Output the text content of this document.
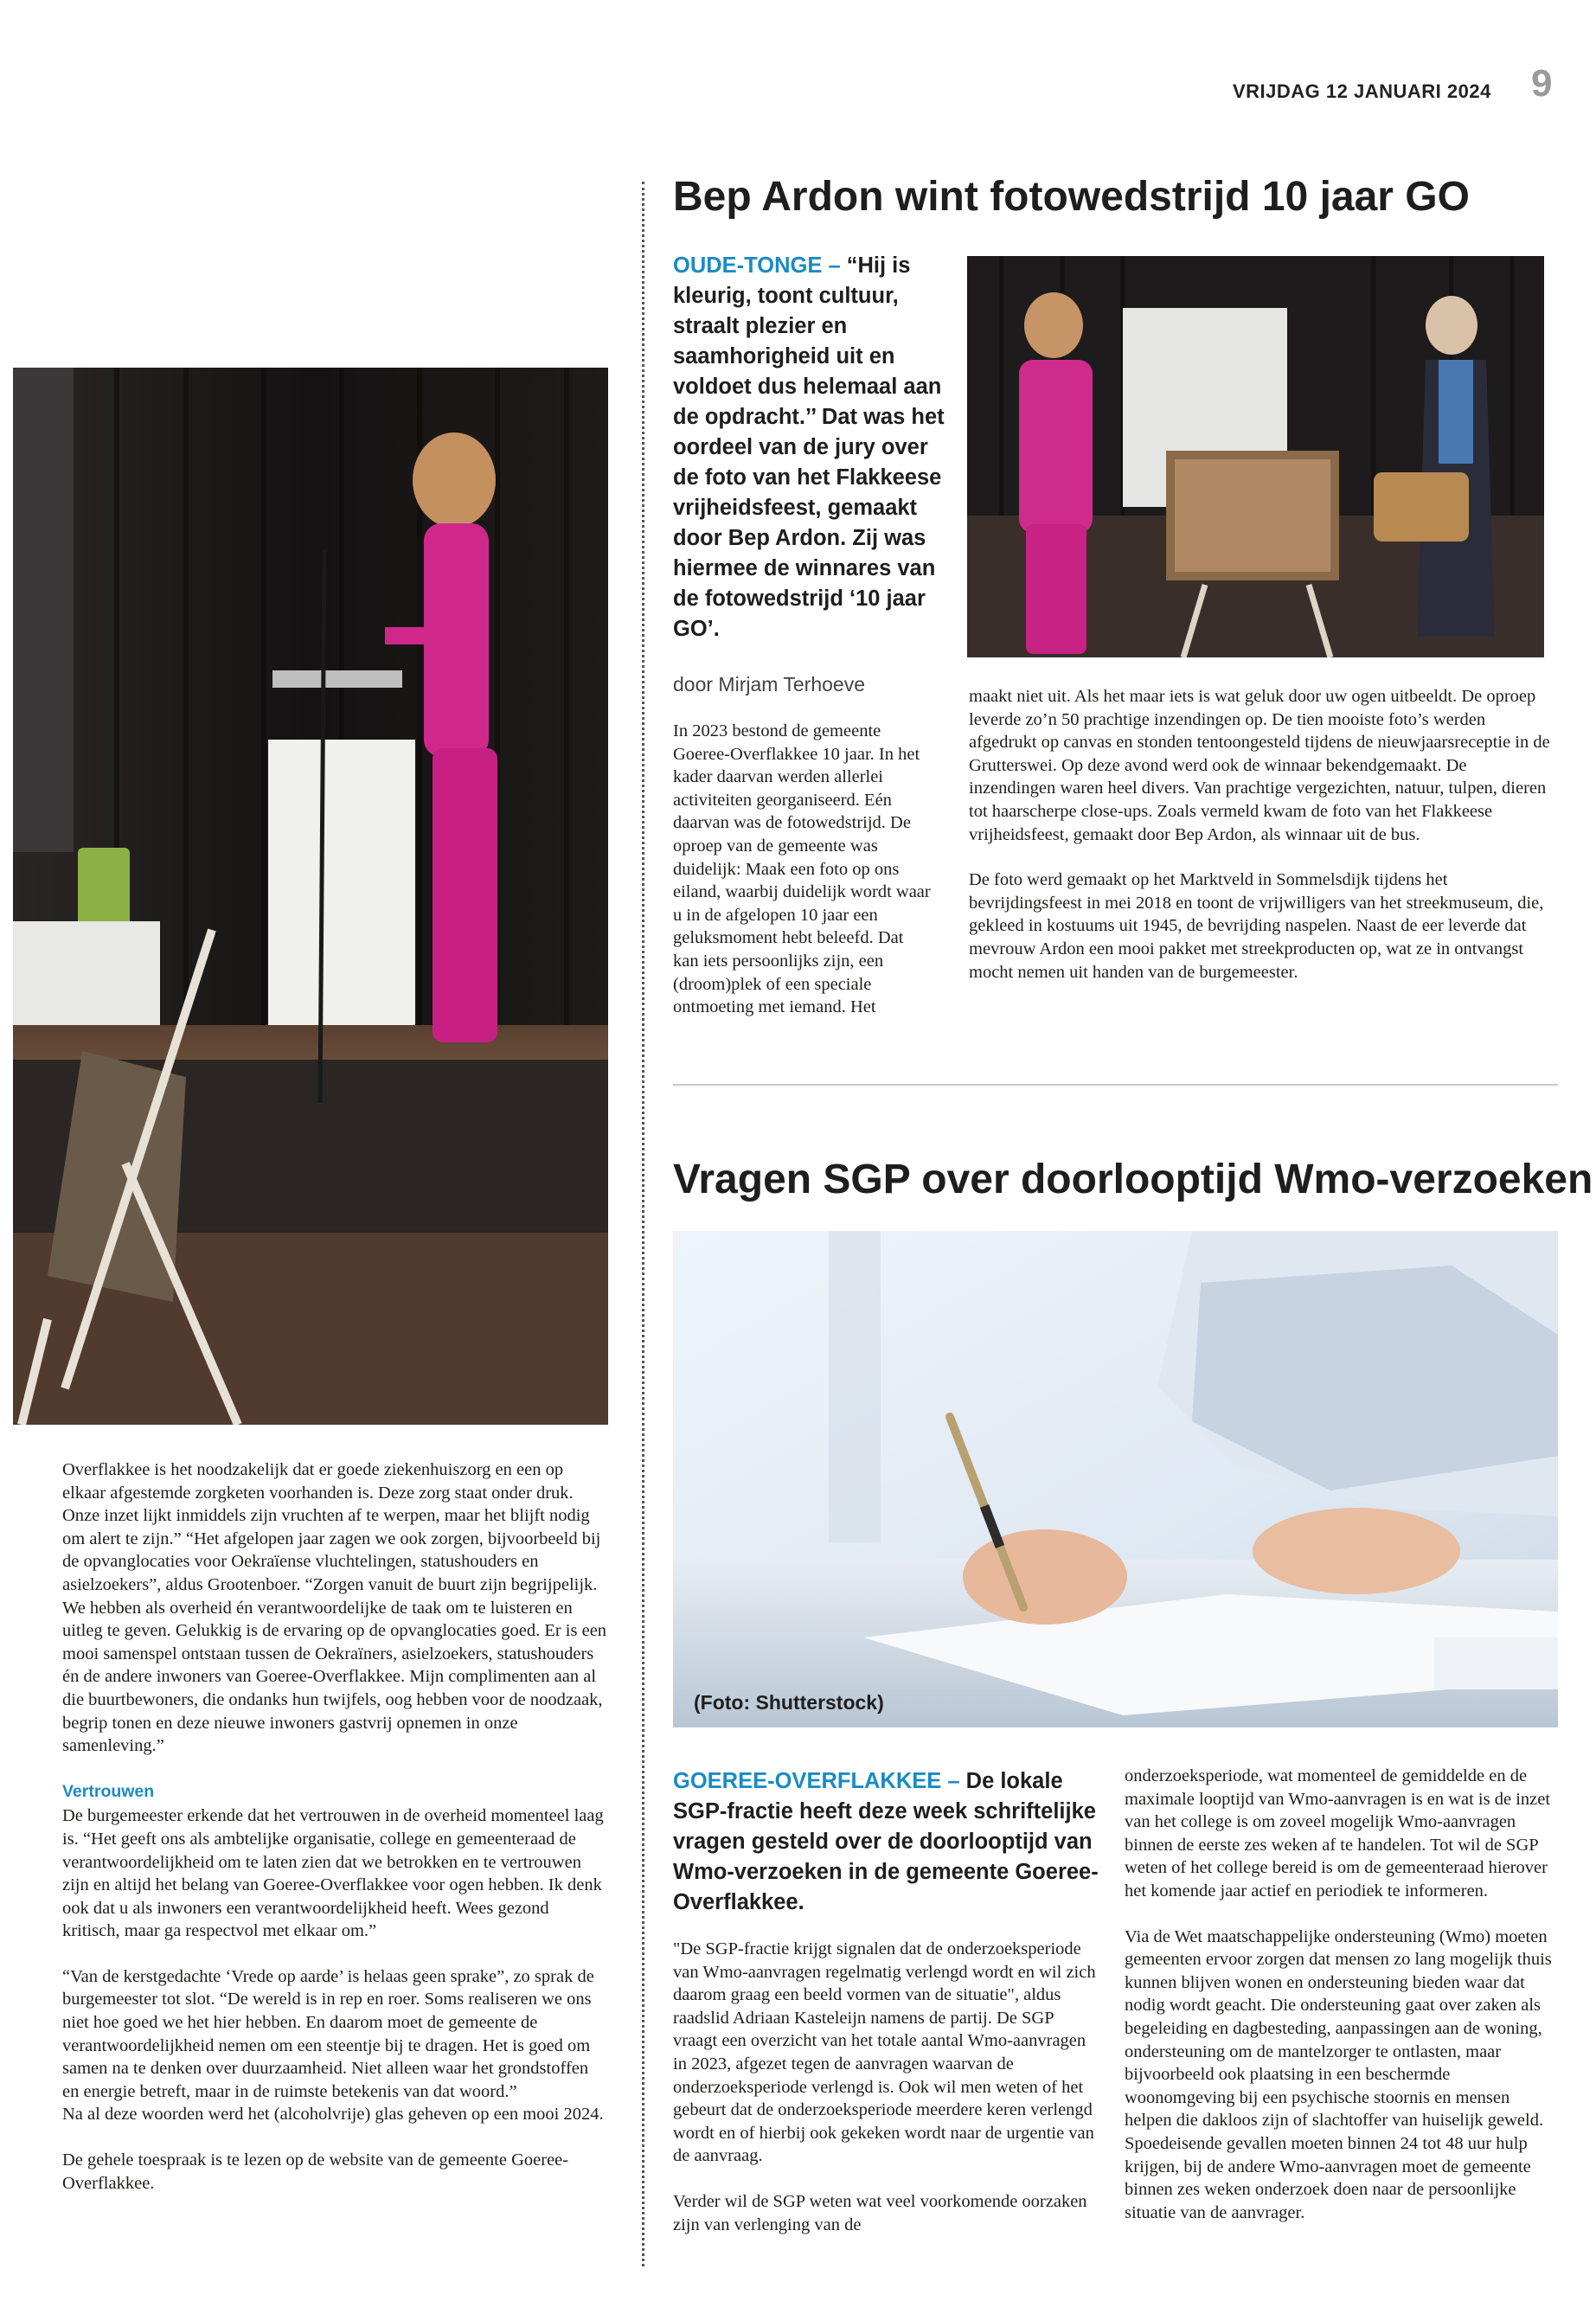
VRIJDAG 12 JANUARI 2024 9
Bep Ardon wint fotowedstrijd 10 jaar GO

OUDE-TONGE – “Hij is kleurig, toont cultuur, straalt plezier en saamhorigheid uit en voldoet dus helemaal aan de opdracht.’’ Dat was het oordeel van de jury over de foto van het Flakkeese vrijheidsfeest, gemaakt door Bep Ardon. Zij was hiermee de winnares van de fotowedstrijd ‘10 jaar GO’.

door Mirjam Terhoeve

In 2023 bestond de gemeente Goeree-Overflakkee 10 jaar. In het kader daarvan werden allerlei activiteiten georganiseerd. Eén daarvan was de fotowedstrijd. De oproep van de gemeente was duidelijk: Maak een foto op ons eiland, waarbij duidelijk wordt waar u in de afgelopen 10 jaar een geluksmoment hebt beleefd. Dat kan iets persoonlijks zijn, een (droom)plek of een speciale ontmoeting met iemand. Het

maakt niet uit. Als het maar iets is wat geluk door uw ogen uitbeeldt. De oproep leverde zo’n 50 prachtige inzendingen op. De tien mooiste foto’s werden afgedrukt op canvas en stonden tentoongesteld tijdens de nieuwjaarsreceptie in de Grutterswei. Op deze avond werd ook de winnaar bekendgemaakt. De inzendingen waren heel divers. Van prachtige vergezichten, natuur, tulpen, dieren tot haarscherpe close-ups. Zoals vermeld kwam de foto van het Flakkeese vrijheidsfeest, gemaakt door Bep Ardon, als winnaar uit de bus.

De foto werd gemaakt op het Marktveld in Sommelsdijk tijdens het bevrijdingsfeest in mei 2018 en toont de vrijwilligers van het streekmuseum, die, gekleed in kostuums uit 1945, de bevrijding naspelen. Naast de eer leverde dat mevrouw Ardon een mooi pakket met streekproducten op, wat ze in ontvangst mocht nemen uit handen van de burgemeester.

Overflakkee is het noodzakelijk dat er goede ziekenhuiszorg en een op elkaar afgestemde zorgketen voorhanden is. Deze zorg staat onder druk. Onze inzet lijkt inmiddels zijn vruchten af te werpen, maar het blijft nodig om alert te zijn.” “Het afgelopen jaar zagen we ook zorgen, bijvoorbeeld bij de opvanglocaties voor Oekraïense vluchtelingen, statushouders en asielzoekers”, aldus Grootenboer. “Zorgen vanuit de buurt zijn begrijpelijk. We hebben als overheid én verantwoordelijke de taak om te luisteren en uitleg te geven. Gelukkig is de ervaring op de opvanglocaties goed. Er is een mooi samenspel ontstaan tussen de Oekraïners, asielzoekers, statushouders én de andere inwoners van Goeree-Overflakkee. Mijn complimenten aan al die buurtbewoners, die ondanks hun twijfels, oog hebben voor de noodzaak, begrip tonen en deze nieuwe inwoners gastvrij opnemen in onze samenleving.”

Vertrouwen

De burgemeester erkende dat het vertrouwen in de overheid momenteel laag is. “Het geeft ons als ambtelijke organisatie, college en gemeenteraad de verantwoordelijkheid om te laten zien dat we betrokken en te vertrouwen zijn en altijd het belang van Goeree-Overflakkee voor ogen hebben. Ik denk ook dat u als inwoners een verantwoordelijkheid heeft. Wees gezond kritisch, maar ga respectvol met elkaar om.”

“Van de kerstgedachte ‘Vrede op aarde’ is helaas geen sprake”, zo sprak de burgemeester tot slot. “De wereld is in rep en roer. Soms realiseren we ons niet hoe goed we het hier hebben. En daarom moet de gemeente de verantwoordelijkheid nemen om een steentje bij te dragen. Het is goed om samen na te denken over duurzaamheid. Niet alleen waar het grondstoffen en energie betreft, maar in de ruimste betekenis van dat woord.”

Na al deze woorden werd het (alcoholvrije) glas geheven op een mooi 2024.

De gehele toespraak is te lezen op de website van de gemeente Goeree-Overflakkee.

Vragen SGP over doorlooptijd Wmo-verzoeken
(Foto: Shutterstock)

GOEREE-OVERFLAKKEE – De lokale SGP-fractie heeft deze week schriftelijke vragen gesteld over de doorlooptijd van Wmo-verzoeken in de gemeente Goeree-Overflakkee.

"De SGP-fractie krijgt signalen dat de onderzoeksperiode van Wmo-aanvragen regelmatig verlengd wordt en wil zich daarom graag een beeld vormen van de situatie", aldus raadslid Adriaan Kasteleijn namens de partij. De SGP vraagt een overzicht van het totale aantal Wmo-aanvragen in 2023, afgezet tegen de aanvragen waarvan de onderzoeksperiode verlengd is. Ook wil men weten of het gebeurt dat de onderzoeksperiode meerdere keren verlengd wordt en of hierbij ook gekeken wordt naar de urgentie van de aanvraag.

Verder wil de SGP weten wat veel voorkomende oorzaken zijn van verlenging van de

onderzoeksperiode, wat momenteel de gemiddelde en de maximale looptijd van Wmo-aanvragen is en wat is de inzet van het college is om zoveel mogelijk Wmo-aanvragen binnen de eerste zes weken af te handelen. Tot wil de SGP weten of het college bereid is om de gemeenteraad hierover het komende jaar actief en periodiek te informeren.

Via de Wet maatschappelijke ondersteuning (Wmo) moeten gemeenten ervoor zorgen dat mensen zo lang mogelijk thuis kunnen blijven wonen en ondersteuning bieden waar dat nodig wordt geacht. Die ondersteuning gaat over zaken als begeleiding en dagbesteding, aanpassingen aan de woning, ondersteuning om de mantelzorger te ontlasten, maar bijvoorbeeld ook plaatsing in een beschermde woonomgeving bij een psychische stoornis en mensen helpen die dakloos zijn of slachtoffer van huiselijk geweld. Spoedeisende gevallen moeten binnen 24 tot 48 uur hulp krijgen, bij de andere Wmo-aanvragen moet de gemeente binnen zes weken onderzoek doen naar de persoonlijke situatie van de aanvrager.
